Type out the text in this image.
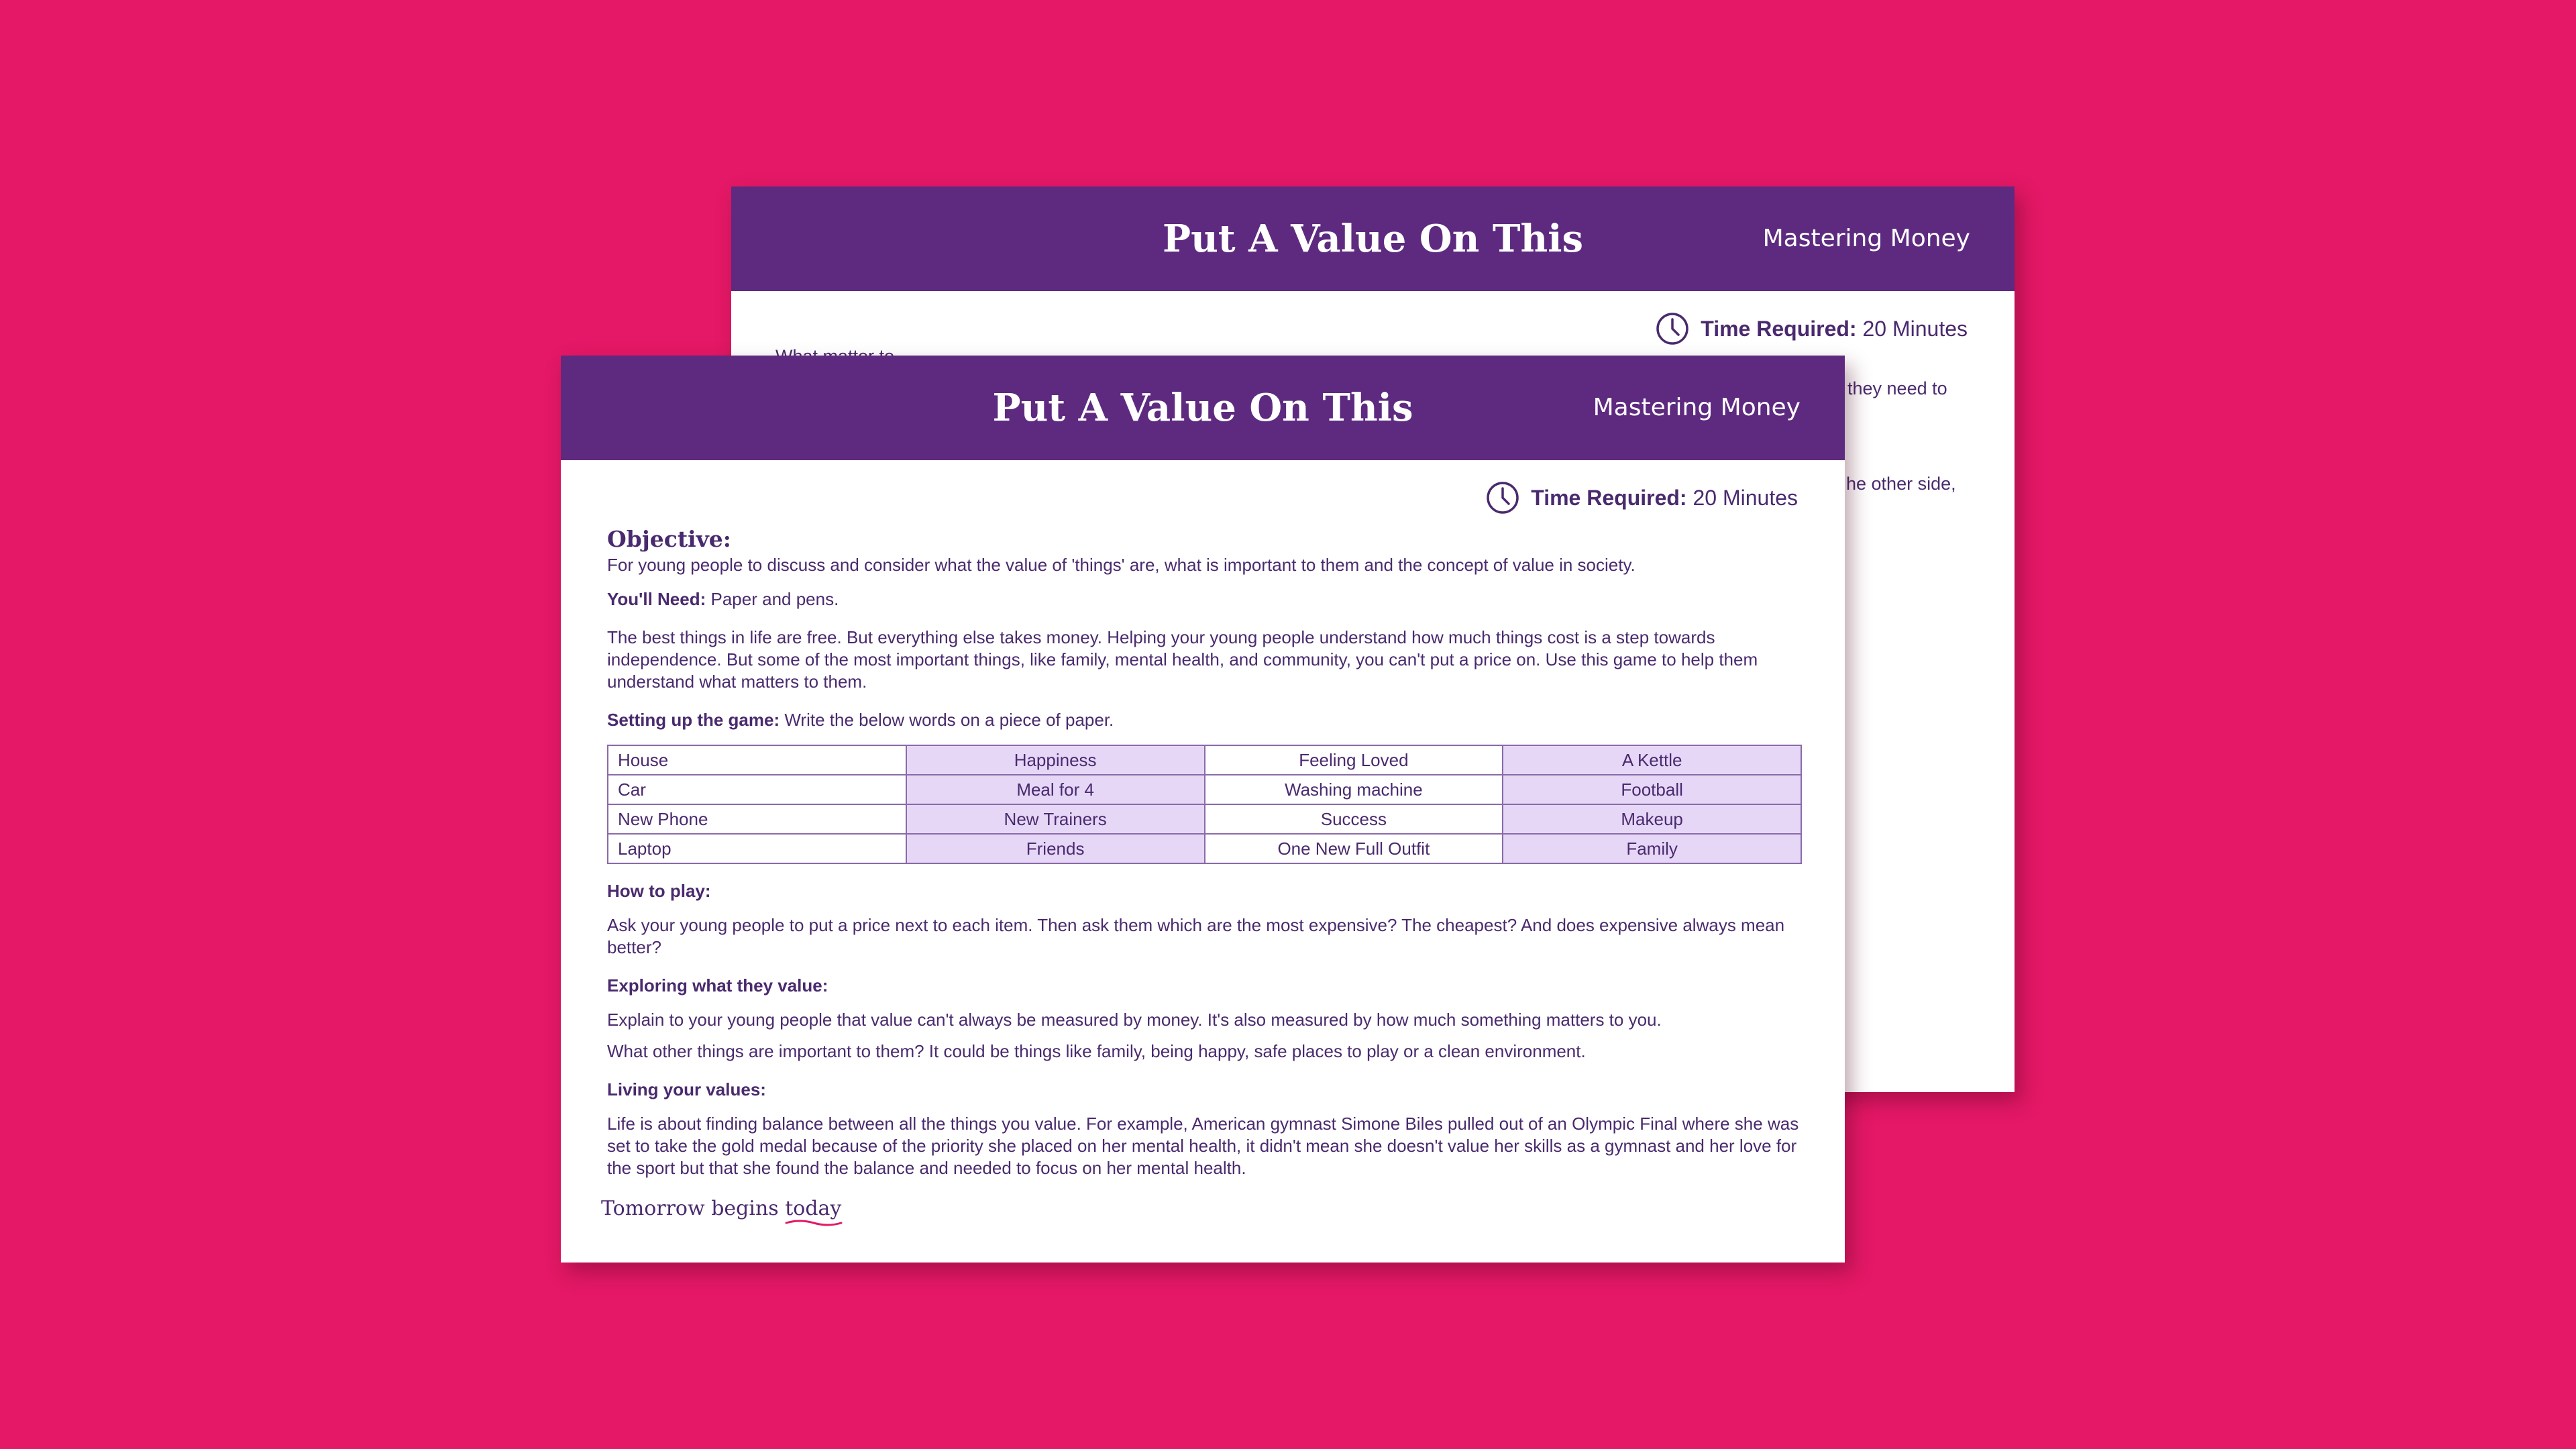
Put A Value On This	Mastering Money
Time Required: 20 Minutes
they need to
he other side,
Put A Value On This	Mastering Money
Time Required: 20 Minutes

Objective:

For young people to discuss and consider what the value of 'things' are, what is important to them and the concept of value in society.

You'll Need: Paper and pens.

The best things in life are free. But everything else takes money. Helping your young people understand how much things cost is a step towards independence. But some of the most important things, like family, mental health, and community, you can't put a price on. Use this game to help them understand what matters to them.

Setting up the game: Write the below words on a piece of paper.

House	Happiness	Feeling Loved	A Kettle
Car	Meal for 4	Washing machine	Football
New Phone	New Trainers	Success	Makeup
Laptop	Friends	One New Full Outfit	Family

How to play:

Ask your young people to put a price next to each item. Then ask them which are the most expensive? The cheapest? And does expensive always mean better?

Exploring what they value:

Explain to your young people that value can't always be measured by money. It's also measured by how much something matters to you.

What other things are important to them? It could be things like family, being happy, safe places to play or a clean environment.

Living your values:

Life is about finding balance between all the things you value. For example, American gymnast Simone Biles pulled out of an Olympic Final where she was set to take the gold medal because of the priority she placed on her mental health, it didn't mean she doesn't value her skills as a gymnast and her love for the sport but that she found the balance and needed to focus on her mental health.

Tomorrow begins today
